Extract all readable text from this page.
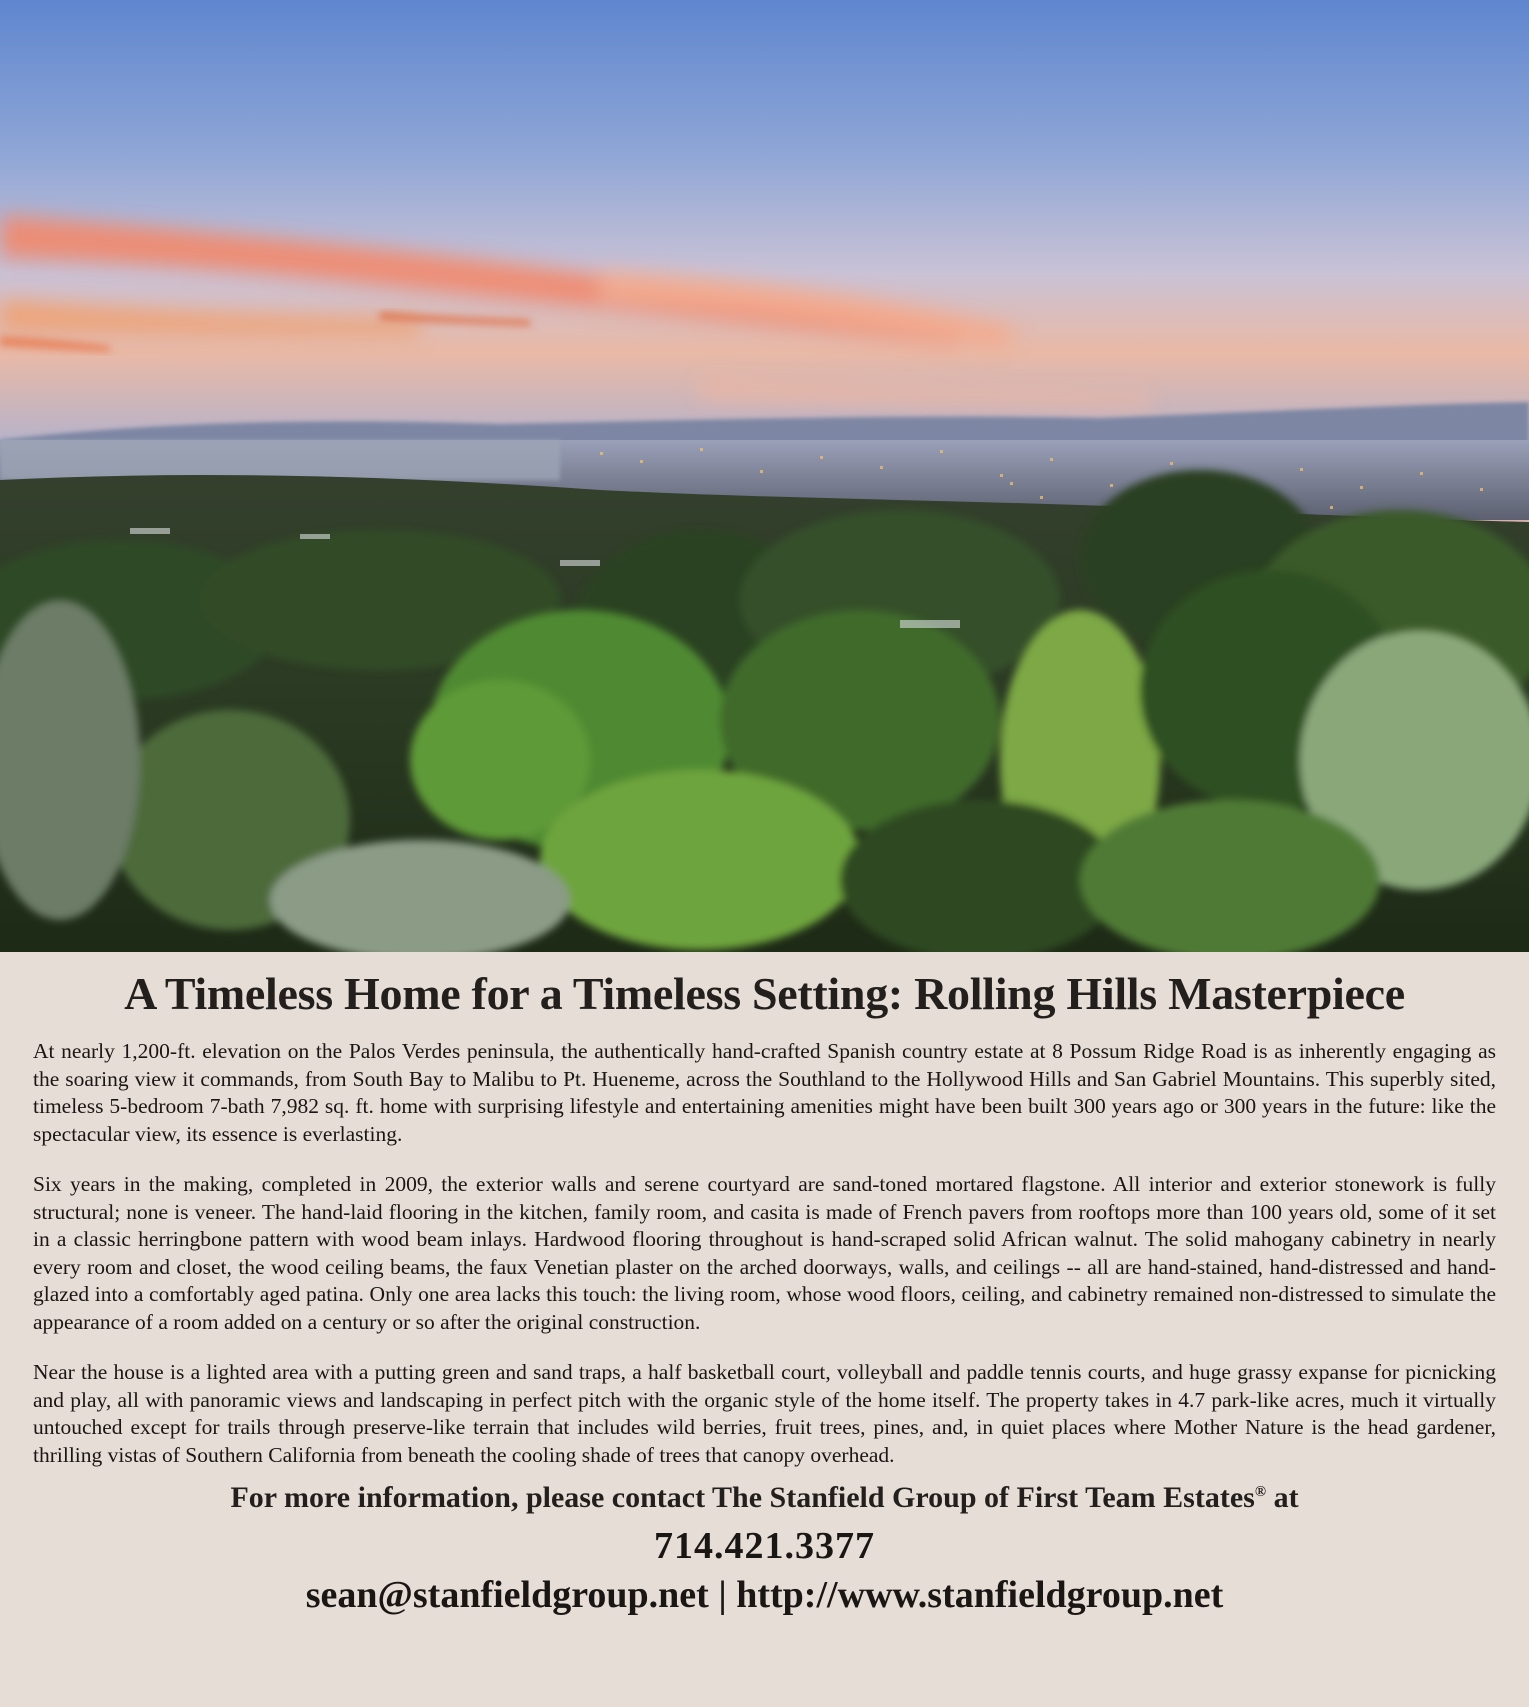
A Timeless Home for a Timeless Setting: Rolling Hills Masterpiece

At nearly 1,200-ft. elevation on the Palos Verdes peninsula, the authentically hand-crafted Spanish country estate at 8 Possum Ridge Road is as inherently engaging as the soaring view it commands, from South Bay to Malibu to Pt. Hueneme, across the Southland to the Hollywood Hills and San Gabriel Mountains. This superbly sited, timeless 5-bedroom 7-bath 7,982 sq. ft. home with surprising lifestyle and entertaining amenities might have been built 300 years ago or 300 years in the future: like the spectacular view, its essence is everlasting.

Six years in the making, completed in 2009, the exterior walls and serene courtyard are sand-toned mortared flagstone. All interior and exterior stonework is fully structural; none is veneer. The hand-laid flooring in the kitchen, family room, and casita is made of French pavers from rooftops more than 100 years old, some of it set in a classic herringbone pattern with wood beam inlays. Hardwood flooring throughout is hand-scraped solid African walnut. The solid mahogany cabinetry in nearly every room and closet, the wood ceiling beams, the faux Venetian plaster on the arched doorways, walls, and ceilings -- all are hand-stained, hand-distressed and hand-glazed into a comfortably aged patina. Only one area lacks this touch: the living room, whose wood floors, ceiling, and cabinetry remained non-distressed to simulate the appearance of a room added on a century or so after the original construction.

Near the house is a lighted area with a putting green and sand traps, a half basketball court, volleyball and paddle tennis courts, and huge grassy expanse for picnicking and play, all with panoramic views and landscaping in perfect pitch with the organic style of the home itself. The property takes in 4.7 park-like acres, much it virtually untouched except for trails through preserve-like terrain that includes wild berries, fruit trees, pines, and, in quiet places where Mother Nature is the head gardener, thrilling vistas of Southern California from beneath the cooling shade of trees that canopy overhead.

For more information, please contact The Stanfield Group of First Team Estates® at

714.421.3377

sean@stanfieldgroup.net | http://www.stanfieldgroup.net
